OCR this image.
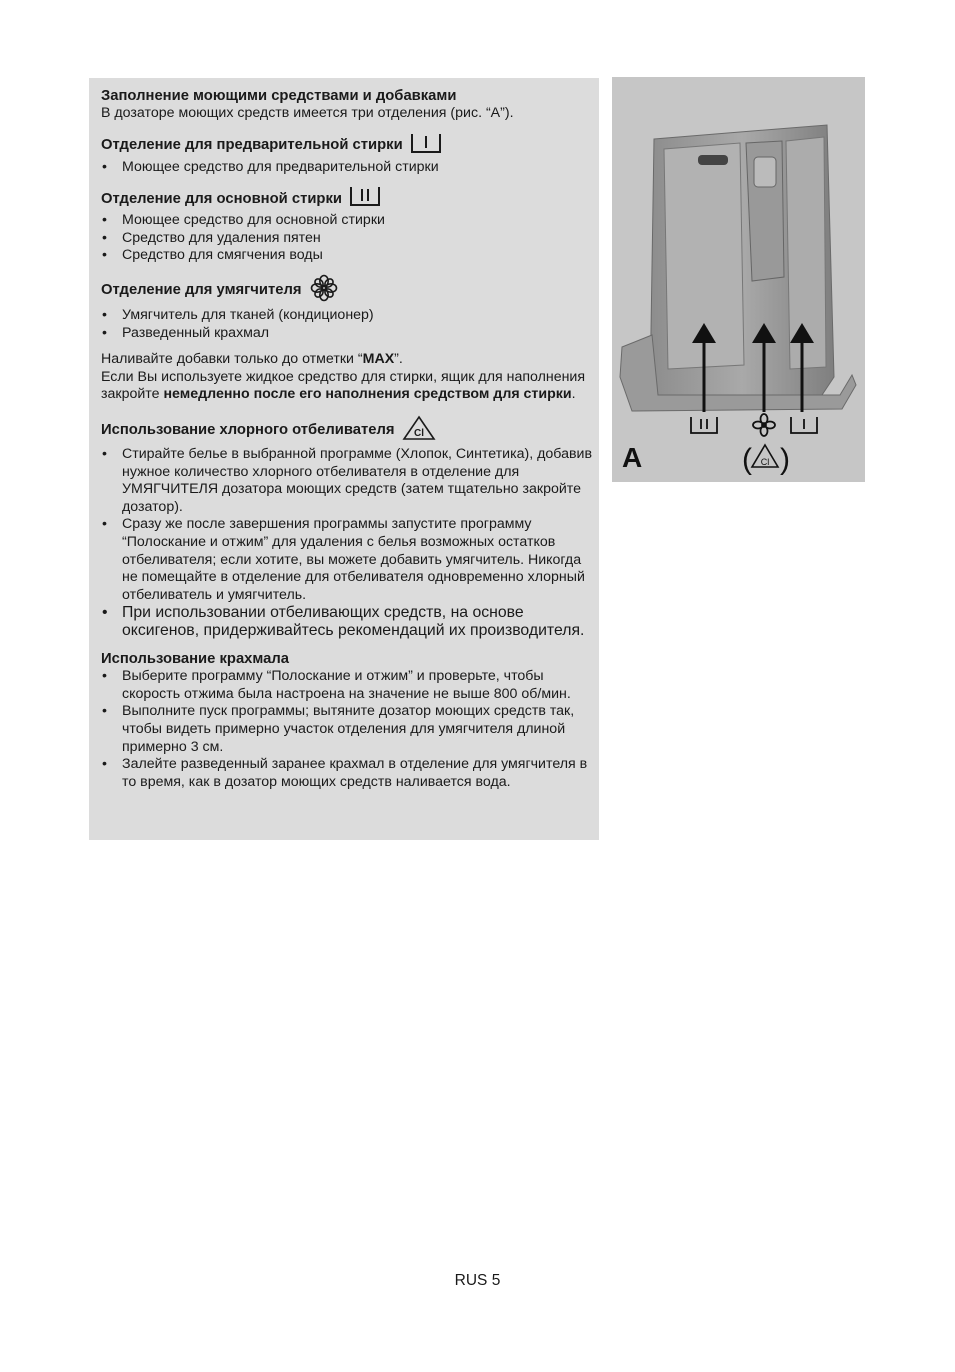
Заполнение моющими средствами и добавками

В дозаторе моющих средств имеется три отделения (рис. “А”).

Отделение для предварительной стирки
• Моющее средство для предварительной стирки
Отделение для основной стирки
• Моющее средство для основной стирки
• Средство для удаления пятен
• Средство для смягчения воды
Отделение для умягчителя
• Умягчитель для тканей (кондиционер)
• Разведенный крахмал

Наливайте добавки только до отметки “MAX”.

Если Вы используете жидкое средство для стирки, ящик для наполнения закройте немедленно после его наполнения средством для стирки.

Использование хлорного отбеливателя Cl
• Стирайте белье в выбранной программе (Хлопок, Синтетика), добавив нужное количество хлорного отбеливателя в отделение для УМЯГЧИТЕЛЯ дозатора моющих средств (затем тщательно закройте дозатор).
• Сразу же после завершения программы запустите программу “Полоскание и отжим” для удаления с белья возможных остатков отбеливателя; если хотите, вы можете добавить умягчитель. Никогда не помещайте в отделение для отбеливателя одновременно хлорный отбеливатель и умягчитель.
• При использовании отбеливающих средств, на основе оксигенов, придерживайтесь рекомендаций их производителя.
Использование крахмала
• Выберите программу “Полоскание и отжим” и проверьте, чтобы скорость отжима была настроена на значение не выше 800 об/мин.
• Выполните пуск программы; вытяните дозатор моющих средств так, чтобы видеть примерно участок отделения для умягчителя длиной примерно 3 см.
• Залейте разведенный заранее крахмал в отделение для умягчителя в то время, как в дозатор моющих средств наливается вода.
A	( )
Cl
RUS 5
